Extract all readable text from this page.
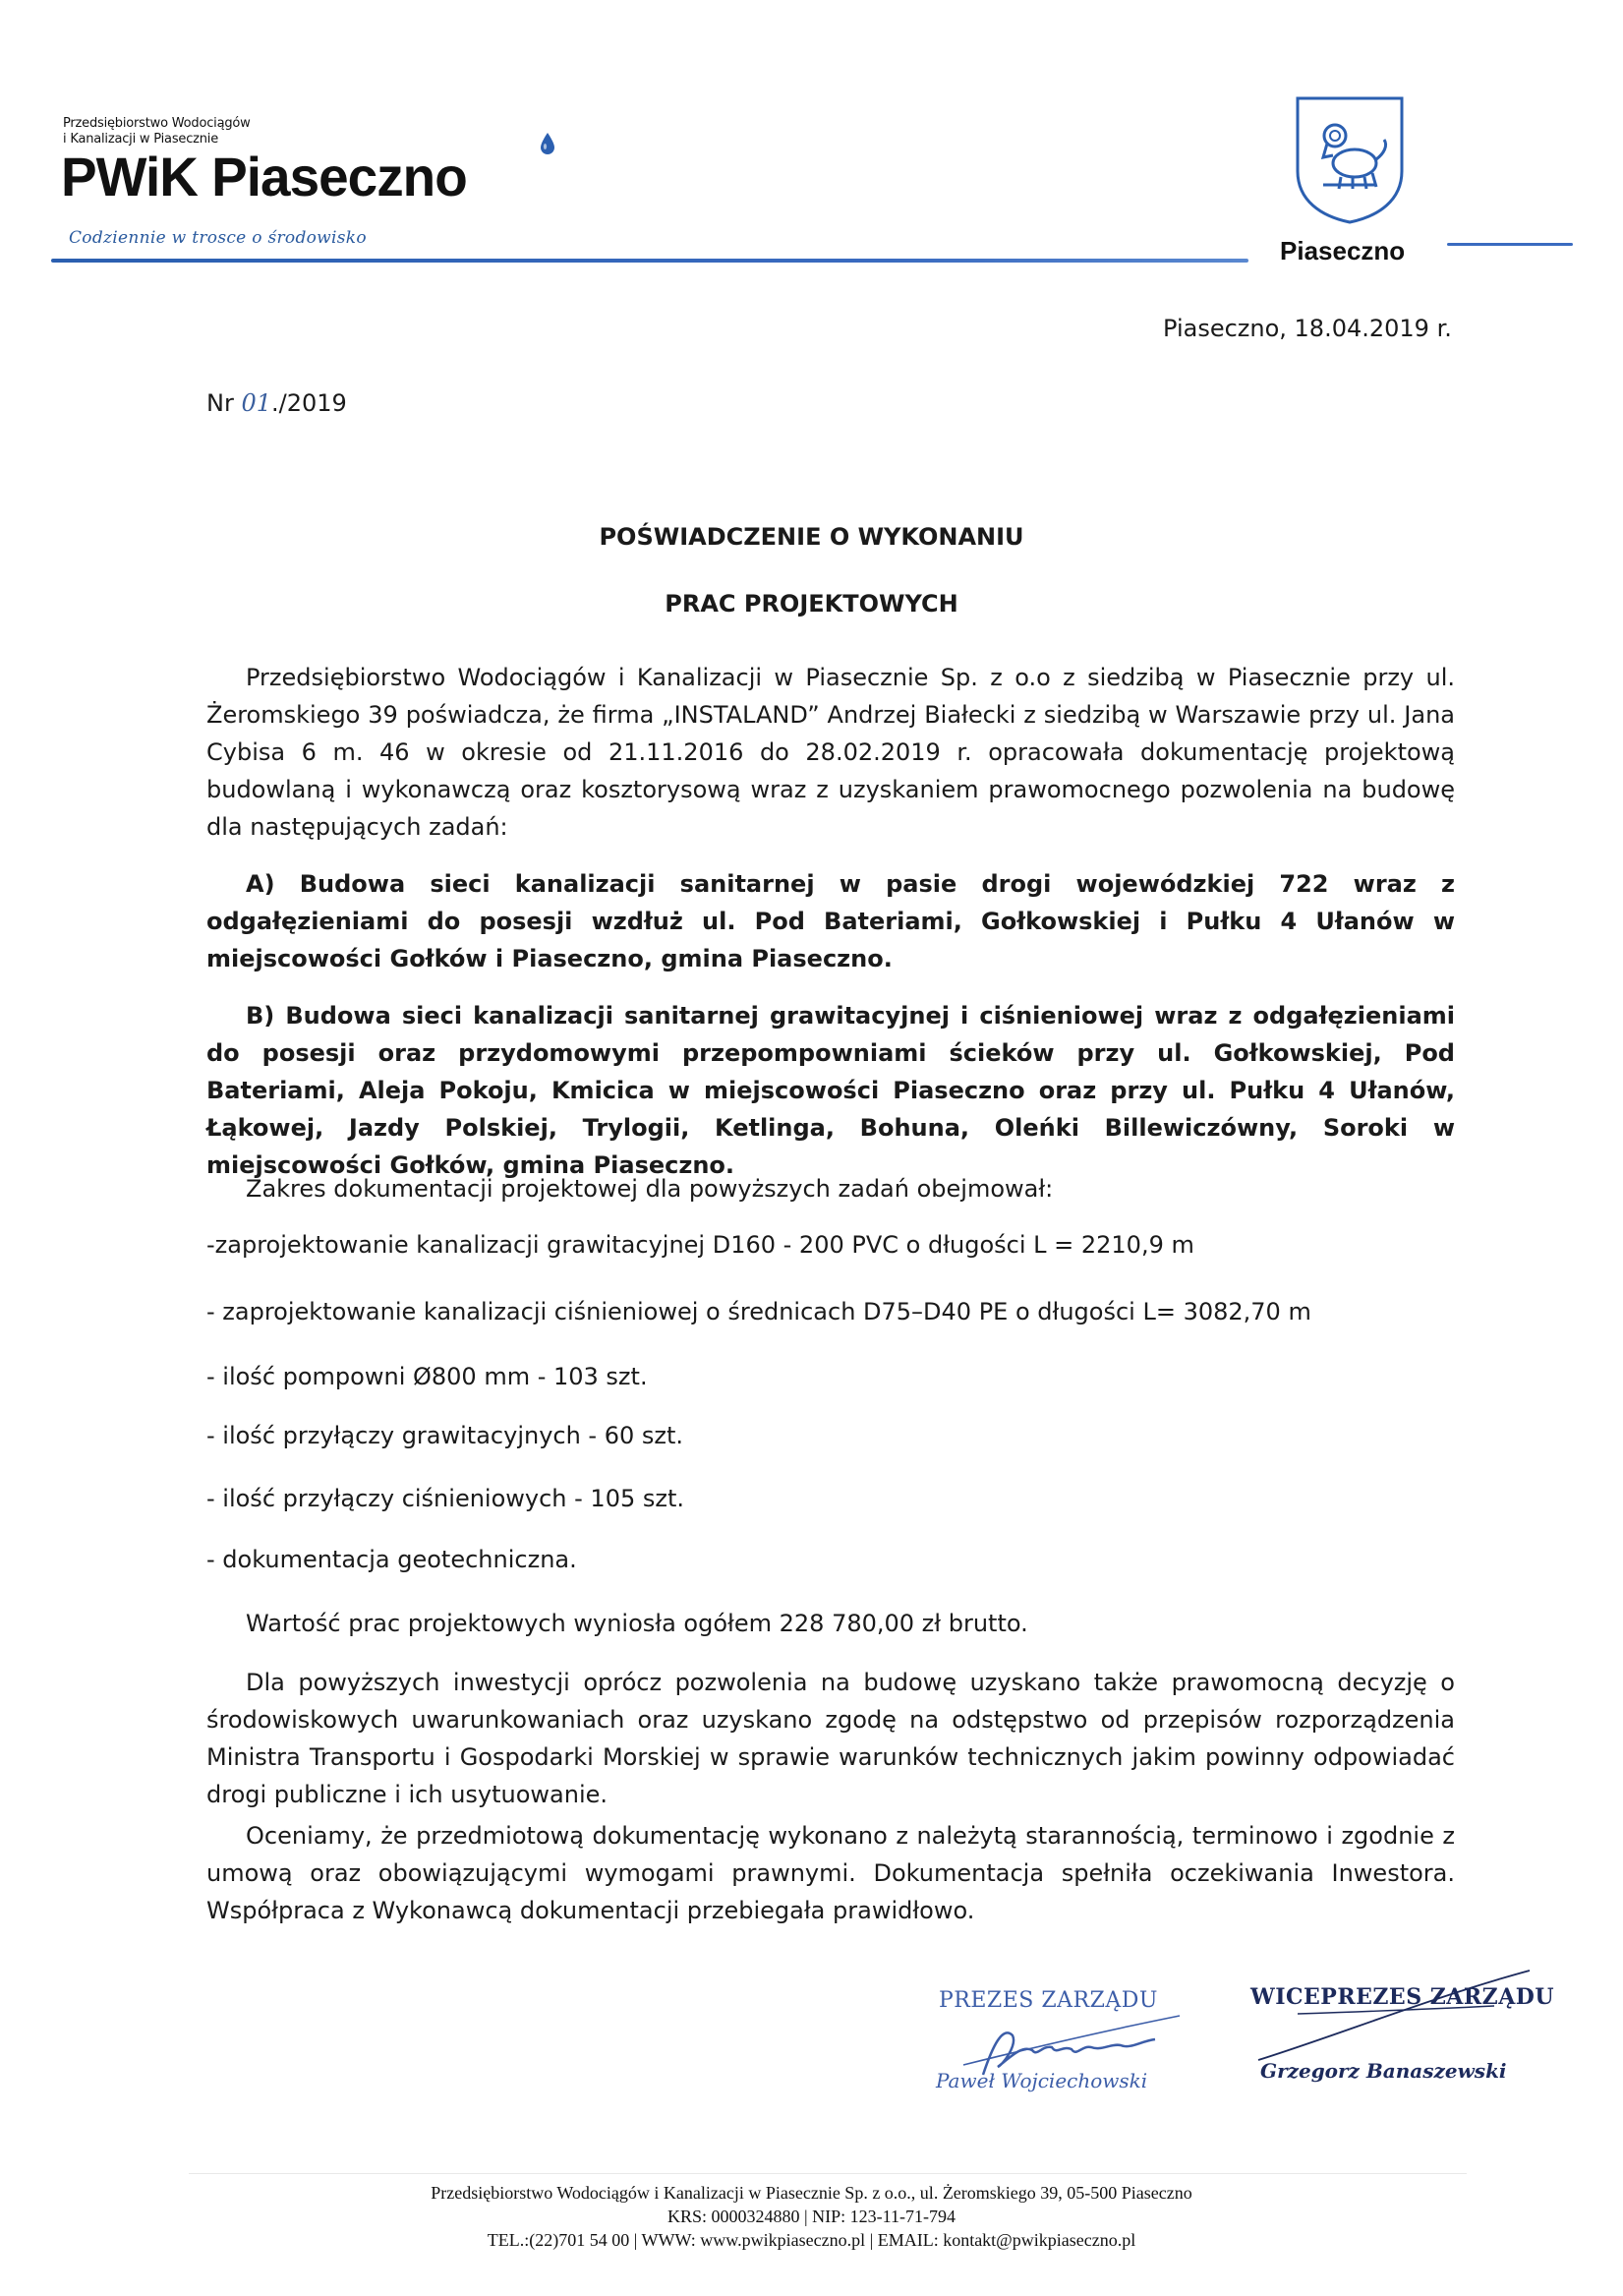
Przedsiębiorstwo Wodociągów
i Kanalizacji w Piasecznie
PWiK Piaseczno
Codziennie w trosce o środowisko	Piaseczno
Piaseczno, 18.04.2019 r.
Nr 01./2019
POŚWIADCZENIE O WYKONANIU
PRAC PROJEKTOWYCH
Przedsiębiorstwo Wodociągów i Kanalizacji w Piasecznie Sp. z o.o z siedzibą w Piasecznie przy ul. Żeromskiego 39 poświadcza, że firma „INSTALAND” Andrzej Białecki z siedzibą w Warszawie przy ul. Jana Cybisa 6 m. 46 w okresie od 21.11.2016 do 28.02.2019 r. opracowała dokumentację projektową budowlaną i wykonawczą oraz kosztorysową wraz z uzyskaniem prawomocnego pozwolenia na budowę dla następujących zadań:
A) Budowa sieci kanalizacji sanitarnej w pasie drogi wojewódzkiej 722 wraz z odgałęzieniami do posesji wzdłuż ul. Pod Bateriami, Gołkowskiej i Pułku 4 Ułanów w miejscowości Gołków i Piaseczno, gmina Piaseczno.
B) Budowa sieci kanalizacji sanitarnej grawitacyjnej i ciśnieniowej wraz z odgałęzieniami do posesji oraz przydomowymi przepompowniami ścieków przy ul. Gołkowskiej, Pod Bateriami, Aleja Pokoju, Kmicica w miejscowości Piaseczno oraz przy ul. Pułku 4 Ułanów, Łąkowej, Jazdy Polskiej, Trylogii, Ketlinga, Bohuna, Oleńki Billewiczówny, Soroki w miejscowości Gołków, gmina Piaseczno.
Zakres dokumentacji projektowej dla powyższych zadań obejmował:
-zaprojektowanie kanalizacji grawitacyjnej D160 - 200 PVC o długości L = 2210,9 m
- zaprojektowanie kanalizacji ciśnieniowej o średnicach D75–D40 PE o długości L= 3082,70 m
- ilość pompowni Ø800 mm - 103 szt.
- ilość przyłączy grawitacyjnych - 60 szt.
- ilość przyłączy ciśnieniowych - 105 szt.
- dokumentacja geotechniczna.
Wartość prac projektowych wyniosła ogółem 228 780,00 zł brutto.
Dla powyższych inwestycji oprócz pozwolenia na budowę uzyskano także prawomocną decyzję o środowiskowych uwarunkowaniach oraz uzyskano zgodę na odstępstwo od przepisów rozporządzenia Ministra Transportu i Gospodarki Morskiej w sprawie warunków technicznych jakim powinny odpowiadać drogi publiczne i ich usytuowanie.
Oceniamy, że przedmiotową dokumentację wykonano z należytą starannością, terminowo i zgodnie z umową oraz obowiązującymi wymogami prawnymi. Dokumentacja spełniła oczekiwania Inwestora. Współpraca z Wykonawcą dokumentacji przebiegała prawidłowo.
PREZES ZARZĄDU
Paweł Wojciechowski
WICEPREZES ZARZĄDU
Grzegorz Banaszewski
Przedsiębiorstwo Wodociągów i Kanalizacji w Piasecznie Sp. z o.o., ul. Żeromskiego 39, 05-500 Piaseczno
KRS: 0000324880 | NIP: 123-11-71-794
TEL.:(22)701 54 00 | WWW: www.pwikpiaseczno.pl | EMAIL: kontakt@pwikpiaseczno.pl
